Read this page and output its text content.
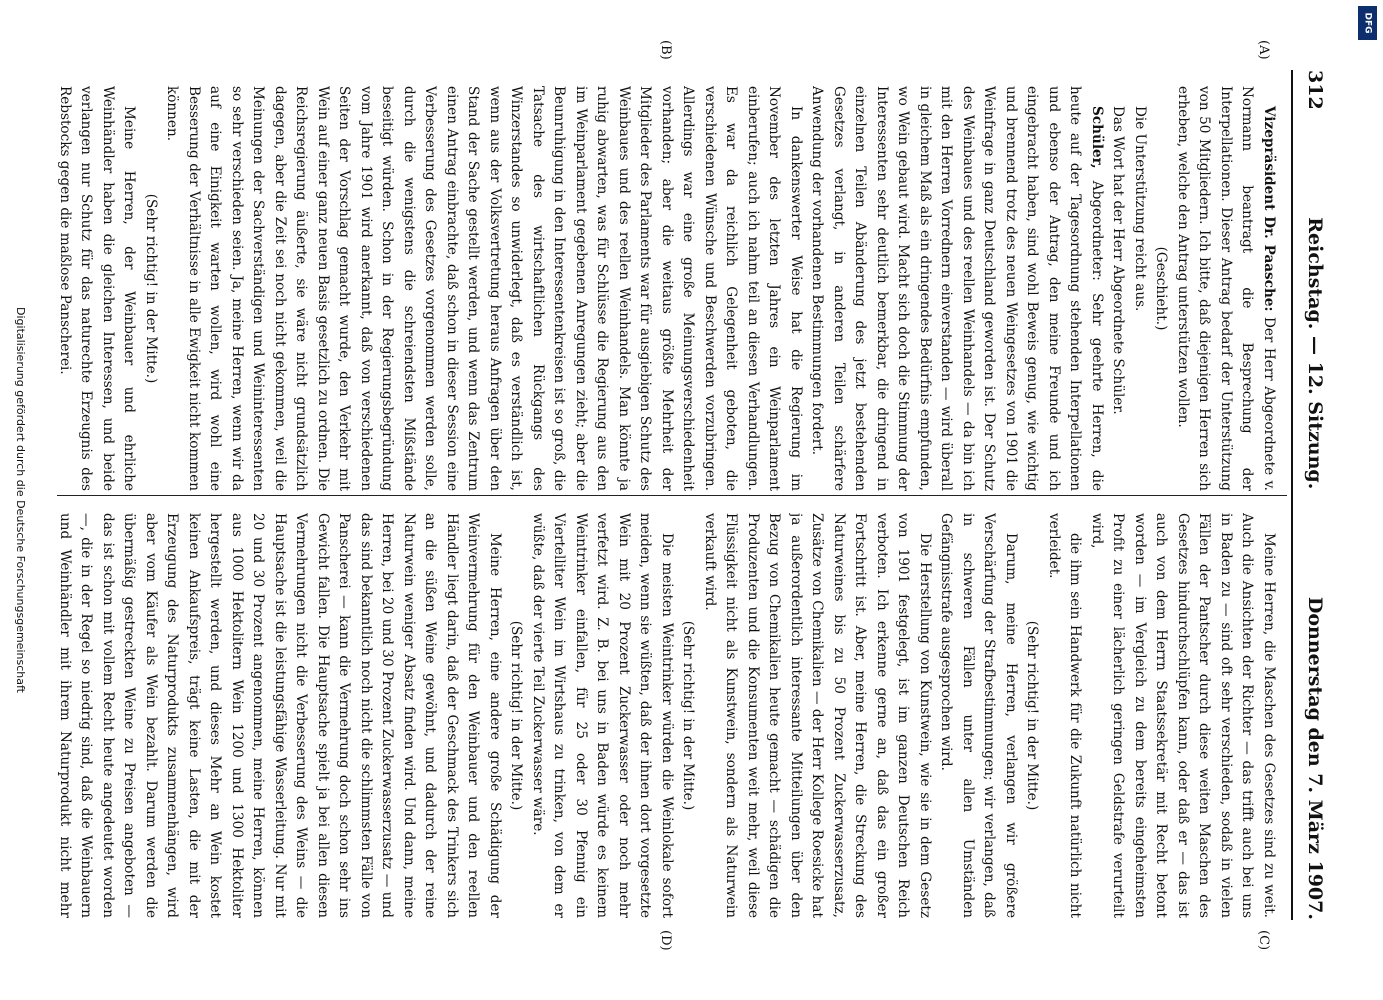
312
Reichstag. — 12. Sitzung.
Donnerstag den 7. März 1907.
(A)
(B)
(C)
(D)

Vizepräsident Dr. Paasche: Der Herr Abgeordnete v. Normann beantragt die Besprechung der Interpellationen. Dieser Antrag bedarf der Unterstützung von 50 Mitgliedern. Ich bitte, daß diejenigen Herren sich erheben, welche den Antrag unterstützen wollen.

(Geschieht.)

Die Unterstützung reicht aus.

Das Wort hat der Herr Abgeordnete Schüler.

Schüler, Abgeordneter: Sehr geehrte Herren, die heute auf der Tagesordnung stehenden Interpellationen und ebenso der Antrag, den meine Freunde und ich eingebracht haben, sind wohl Beweis genug, wie wichtig und brennend trotz des neuen Weingesetzes von 1901 die Weinfrage in ganz Deutschland geworden ist. Der Schutz des Weinbaues und des reellen Weinhandels — da bin ich mit den Herren Vorrednern einverstanden — wird überall in gleichem Maß als ein dringendes Bedürfnis empfunden, wo Wein gebaut wird. Macht sich doch die Stimmung der Interessenten sehr deutlich bemerkbar, die dringend in einzelnen Teilen Abänderung des jetzt bestehenden Gesetzes verlangt, in anderen Teilen schärfere Anwendung der vorhandenen Bestimmungen fordert.

In dankenswerter Weise hat die Regierung im November des letzten Jahres ein Weinparlament einberufen; auch ich nahm teil an diesen Verhandlungen. Es war da reichlich Gelegenheit geboten, die verschiedenen Wünsche und Beschwerden vorzubringen. Allerdings war eine große Meinungsverschiedenheit vorhanden; aber die weitaus größte Mehrheit der Mitglieder des Parlaments war für ausgiebigen Schutz des Weinbaues und des reellen Weinhandels. Man könnte ja ruhig abwarten, was für Schlüsse die Regierung aus den im Weinparlament gegebenen Anregungen zieht; aber die Beunruhigung in den Interessentenkreisen ist so groß, die Tatsache des wirtschaftlichen Rückgangs des Winzerstandes so unwiderlegt, daß es verständlich ist, wenn aus der Volksvertretung heraus Anfragen über den Stand der Sache gestellt werden, und wenn das Zentrum einen Antrag einbrachte, daß schon in dieser Session eine Verbesserung des Gesetzes vorgenommen werden solle, durch die wenigstens die schreiendsten Mißstände beseitigt würden. Schon in der Regierungsbegründung vom Jahre 1901 wird anerkannt, daß von verschiedenen Seiten der Vorschlag gemacht wurde, den Verkehr mit Wein auf einer ganz neuen Basis gesetzlich zu ordnen. Die Reichsregierung äußerte, sie wäre nicht grundsätzlich dagegen, aber die Zeit sei noch nicht gekommen, weil die Meinungen der Sachverständigen und Weininteressenten so sehr verschieden seien. Ja, meine Herren, wenn wir da auf eine Einigkeit warten wollen, wird wohl eine Besserung der Verhältnisse in alle Ewigkeit nicht kommen können.

(Sehr richtig! in der Mitte.)

Meine Herren, der Weinbauer und ehrliche Weinhändler haben die gleichen Interessen, und beide verlangen nur Schutz für das naturechte Erzeugnis des Rebstocks gegen die maßlose Panscherei.

Meine Herren, die Maschen des Gesetzes sind zu weit. Auch die Ansichten der Richter — das trifft auch bei uns in Baden zu — sind oft sehr verschieden, sodaß in vielen Fällen der Pantscher durch diese weiten Maschen des Gesetzes hindurchschlüpfen kann, oder daß er — das ist auch von dem Herrn Staatssekretär mit Recht betont worden — im Vergleich zu dem bereits eingeheimsten Profit zu einer lächerlich geringen Geldstrafe verurteilt wird,

die ihm sein Handwerk für die Zukunft natürlich nicht verleidet.

(Sehr richtig! in der Mitte.)

Darum, meine Herren, verlangen wir größere Verschärfung der Strafbestimmungen; wir verlangen, daß in schweren Fällen unter allen Umständen Gefängnisstrafe ausgesprochen wird.

Die Herstellung von Kunstwein, wie sie in dem Gesetz von 1901 festgelegt, ist im ganzen Deutschen Reich verboten. Ich erkenne gerne an, daß das ein großer Fortschritt ist. Aber, meine Herren, die Streckung des Naturweines bis zu 50 Prozent Zuckerwasserzusatz, Zusätze von Chemikalien — der Herr Kollege Roesicke hat ja außerordentlich interessante Mitteilungen über den Bezug von Chemikalien heute gemacht — schädigen die Produzenten und die Konsumenten weit mehr, weil diese Flüssigkeit nicht als Kunstwein, sondern als Naturwein verkauft wird.

(Sehr richtig! in der Mitte.)

Die meisten Weintrinker würden die Weinlokale sofort meiden, wenn sie wüßten, daß der ihnen dort vorgesetzte Wein mit 20 Prozent Zuckerwasser oder noch mehr verfetzt wird. Z. B. bei uns in Baden würde es keinem Weintrinker einfallen, für 25 oder 30 Pfennig ein Viertelliter Wein im Wirtshaus zu trinken, von dem er wüßte, daß der vierte Teil Zuckerwasser wäre.

(Sehr richtig! in der Mitte.)

Meine Herren, eine andere große Schädigung der Weinvermehrung für den Weinbauer und den reellen Händler liegt darin, daß der Geschmack des Trinkers sich an die süßen Weine gewöhnt, und dadurch der reine Naturwein weniger Absatz finden wird. Und dann, meine Herren, bei 20 und 30 Prozent Zuckerwasserzusatz — und das sind bekanntlich noch nicht die schlimmsten Fälle von Panscherei — kann die Vermehrung doch schon sehr ins Gewicht fallen. Die Hauptsache spielt ja bei allen diesen Vermehrungen nicht die Verbesserung des Weins — die Hauptsache ist die leistungsfähige Wasserleitung. Nur mit 20 und 30 Prozent angenommen, meine Herren, können aus 1000 Hektolitern Wein 1200 und 1300 Hektoliter hergestellt werden, und dieses Mehr an Wein kostet keinen Ankaufspreis, trägt keine Lasten, die mit der Erzeugung des Naturprodukts zusammenhängen, wird aber vom Käufer als Wein bezahlt. Darum werden die übermäßig gestreckten Weine zu Preisen angeboten — das ist schon mit vollem Recht heute angedeutet worden —, die in der Regel so niedrig sind, daß die Weinbauern und Weinhändler mit ihrem Naturprodukt nicht mehr

Digitalisierung gefördert durch die Deutsche Forschungsgemeinschaft
DFG
